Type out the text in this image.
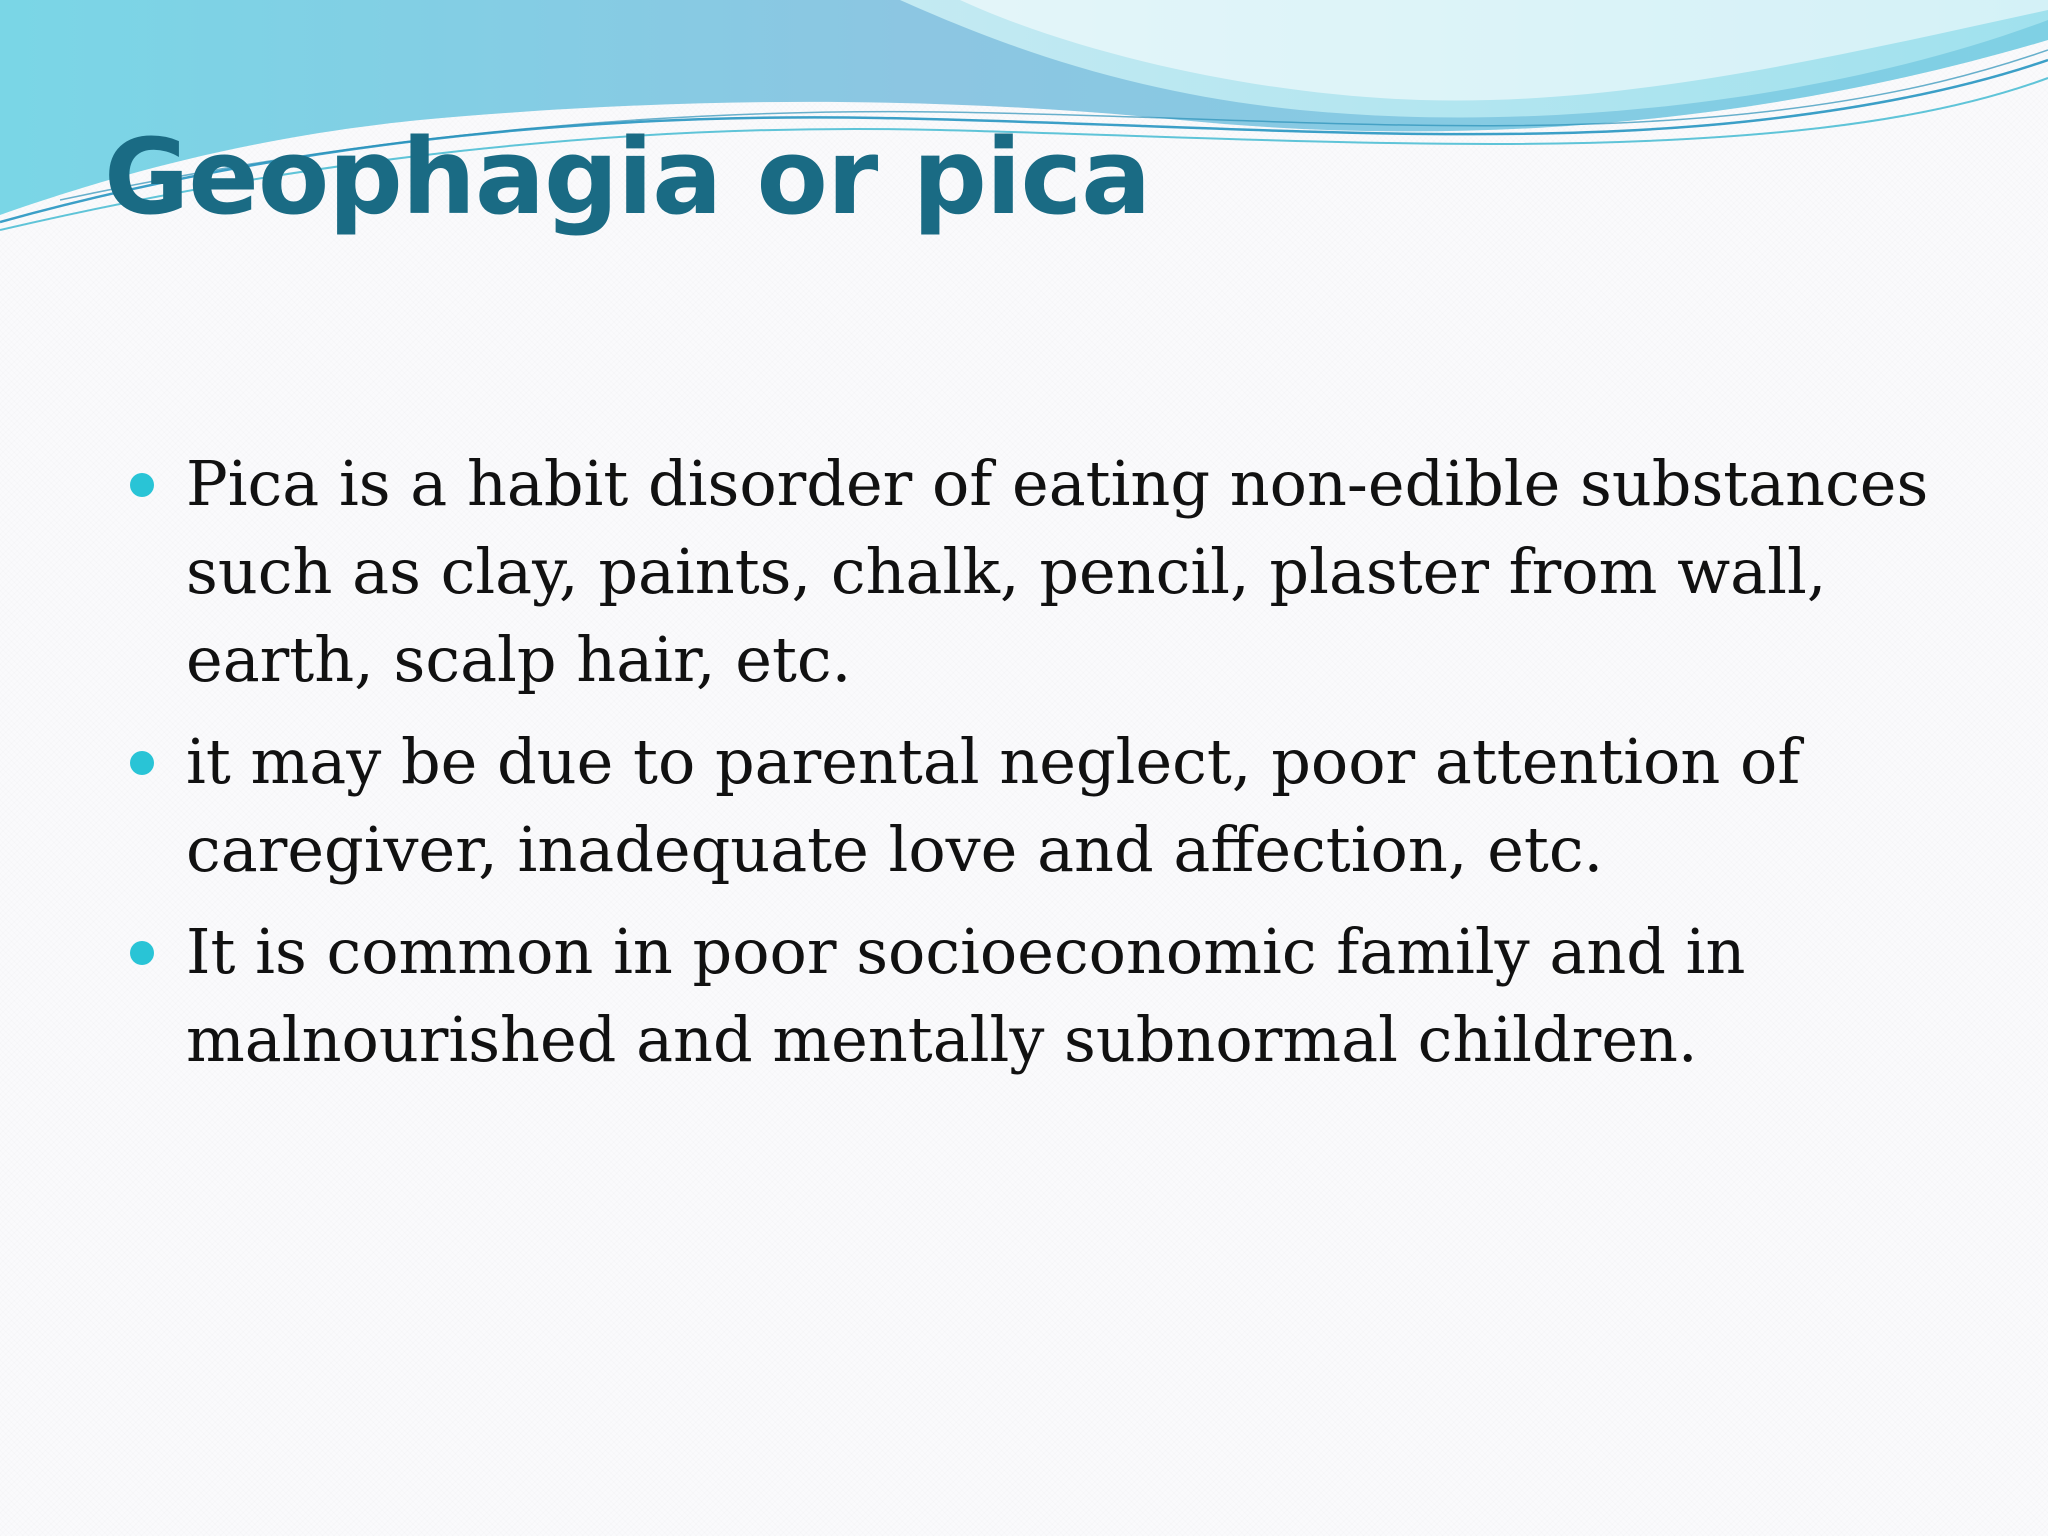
Geophagia or pica
Pica is a habit disorder of eating non-edible substances such as clay, paints, chalk, pencil, plaster from wall, earth, scalp hair, etc.
it may be due to parental neglect, poor attention of caregiver, inadequate love and affection, etc.
It is common in poor socioeconomic family and in malnourished and mentally subnormal children.
